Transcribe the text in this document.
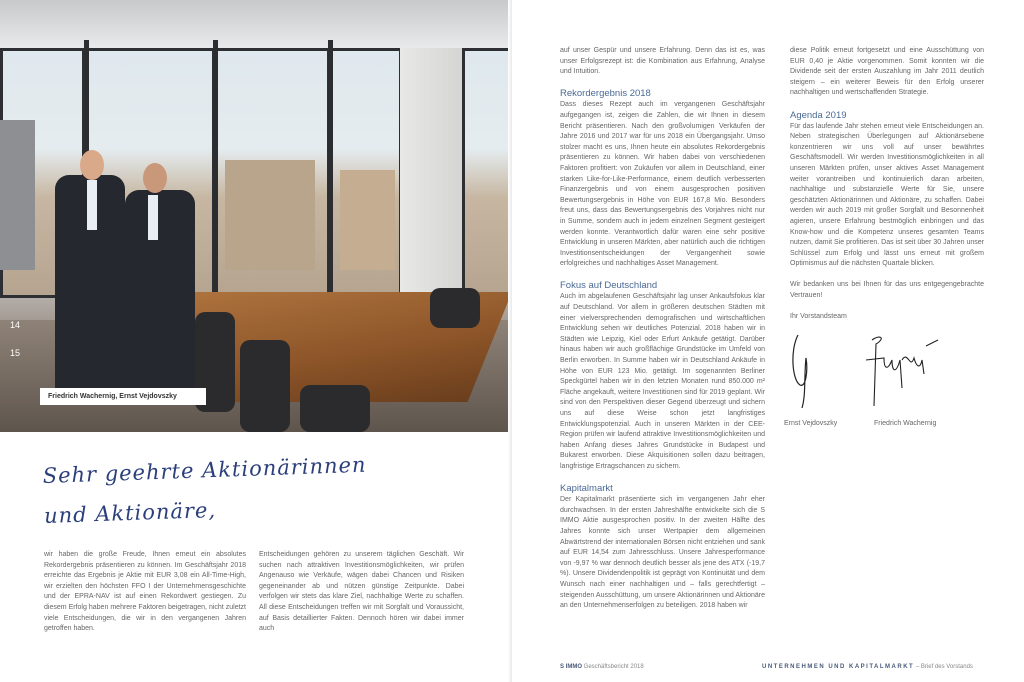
14
15
Friedrich Wachernig, Ernst Vejdovszky
Sehr geehrte Aktionärinnen
und Aktionäre,
wir haben die große Freude, Ihnen erneut ein absolutes Rekordergebnis präsentieren zu können. Im Geschäftsjahr 2018 erreichte das Ergebnis je Aktie mit EUR 3,08 ein All-Time-High, wir erzielten den höchsten FFO I der Unternehmensgeschichte und der EPRA-NAV ist auf einen Rekordwert gestiegen. Zu diesem Erfolg haben mehrere Faktoren beigetragen, nicht zuletzt viele Entscheidungen, die wir in den vergangenen Jahren getroffen haben.
Entscheidungen gehören zu unserem täglichen Geschäft. Wir suchen nach attraktiven Investitionsmöglichkeiten, wir prüfen Angenauso wie Verkäufe, wägen dabei Chancen und Risiken gegeneinander ab und nützen günstige Zeitpunkte. Dabei verfolgen wir stets das klare Ziel, nachhaltige Werte zu schaffen. All diese Entscheidungen treffen wir mit Sorgfalt und Voraussicht, auf Basis detaillierter Fakten. Dennoch hören wir dabei immer auch

auf unser Gespür und unsere Erfahrung. Denn das ist es, was unser Erfolgsrezept ist: die Kombination aus Erfahrung, Analyse und Intuition.

Rekordergebnis 2018

Dass dieses Rezept auch im vergangenen Geschäftsjahr aufgegangen ist, zeigen die Zahlen, die wir Ihnen in diesem Bericht präsentieren. Nach den großvolumigen Verkäufen der Jahre 2016 und 2017 war für uns 2018 ein Übergangsjahr. Umso stolzer macht es uns, Ihnen heute ein absolutes Rekordergebnis präsentieren zu können. Wir haben dabei von verschiedenen Faktoren profitiert: von Zukäufen vor allem in Deutschland, einer starken Like-for-Like-Performance, einem deutlich verbesserten Finanzergebnis und von einem ausgesprochen positiven Bewertungsergebnis in Höhe von EUR 167,8 Mio. Besonders freut uns, dass das Bewertungsergebnis des Vorjahres nicht nur in Summe, sondern auch in jedem einzelnen Segment gesteigert werden konnte. Verantwortlich dafür waren eine sehr positive Entwicklung in unseren Märkten, aber natürlich auch die richtigen Investitionsentscheidungen der Vergangenheit sowie erfolgreiches und nachhaltiges Asset Management.

Fokus auf Deutschland

Auch im abgelaufenen Geschäftsjahr lag unser Ankaufsfokus klar auf Deutschland. Vor allem in größeren deutschen Städten mit einer vielversprechenden demografischen und wirtschaftlichen Entwicklung sehen wir deutliches Potenzial. 2018 haben wir in Städten wie Leipzig, Kiel oder Erfurt Ankäufe getätigt. Darüber hinaus haben wir auch großflächige Grundstücke im Umfeld von Berlin erworben. In Summe haben wir in Deutschland Ankäufe in Höhe von EUR 123 Mio. getätigt. Im sogenannten Berliner Speckgürtel haben wir in den letzten Monaten rund 850.000 m² Fläche angekauft, weitere Investitionen sind für 2019 geplant. Wir sind von den Perspektiven dieser Gegend überzeugt und sichern uns auf diese Weise schon jetzt langfristiges Entwicklungspotenzial. Auch in unseren Märkten in der CEE-Region prüfen wir laufend attraktive Investitionsmöglichkeiten und haben Anfang dieses Jahres Grundstücke in Budapest und Bukarest erworben. Diese Akquisitionen sollen dazu beitragen, langfristige Ertragschancen zu sichern.

Kapitalmarkt

Der Kapitalmarkt präsentierte sich im vergangenen Jahr eher durchwachsen. In der ersten Jahreshälfte entwickelte sich die S IMMO Aktie ausgesprochen positiv. In der zweiten Hälfte des Jahres konnte sich unser Wertpapier dem allgemeinen Abwärtstrend der internationalen Börsen nicht entziehen und sank auf EUR 14,54 zum Jahresschluss. Unsere Jahresperformance von -9,97 % war dennoch deutlich besser als jene des ATX (-19,7 %). Unsere Dividendenpolitik ist geprägt von Kontinuität und dem Wunsch nach einer nachhaltigen und – falls gerechtfertigt – steigenden Ausschüttung, um unsere Aktionärinnen und Aktionäre an den Unternehmenserfolgen zu beteiligen. 2018 haben wir

diese Politik erneut fortgesetzt und eine Ausschüttung von EUR 0,40 je Aktie vorgenommen. Somit konnten wir die Dividende seit der ersten Auszahlung im Jahr 2011 deutlich steigern – ein weiterer Beweis für den Erfolg unserer nachhaltigen und wertschaffenden Strategie.

Agenda 2019

Für das laufende Jahr stehen erneut viele Entscheidungen an. Neben strategischen Überlegungen auf Aktionärsebene konzentrieren wir uns voll auf unser bewährtes Geschäftsmodell. Wir werden Investitionsmöglichkeiten in all unseren Märkten prüfen, unser aktives Asset Management weiter vorantreiben und kontinuierlich daran arbeiten, nachhaltige und substanzielle Werte für Sie, unsere geschätzten Aktionärinnen und Aktionäre, zu schaffen. Dabei werden wir auch 2019 mit großer Sorgfalt und Besonnenheit agieren, unsere Erfahrung bestmöglich einbringen und das Know-how und die Kompetenz unseres gesamten Teams nutzen, damit Sie profitieren. Das ist seit über 30 Jahren unser Schlüssel zum Erfolg und lässt uns erneut mit großem Optimismus auf die nächsten Quartale blicken.

Wir bedanken uns bei Ihnen für das uns entgegengebrachte Vertrauen!

Ihr Vorstandsteam

Ernst Vejdovszky	Friedrich Wachernig
S IMMO Geschäftsbericht 2018	UNTERNEHMEN UND KAPITALMARKT – Brief des Vorstands
